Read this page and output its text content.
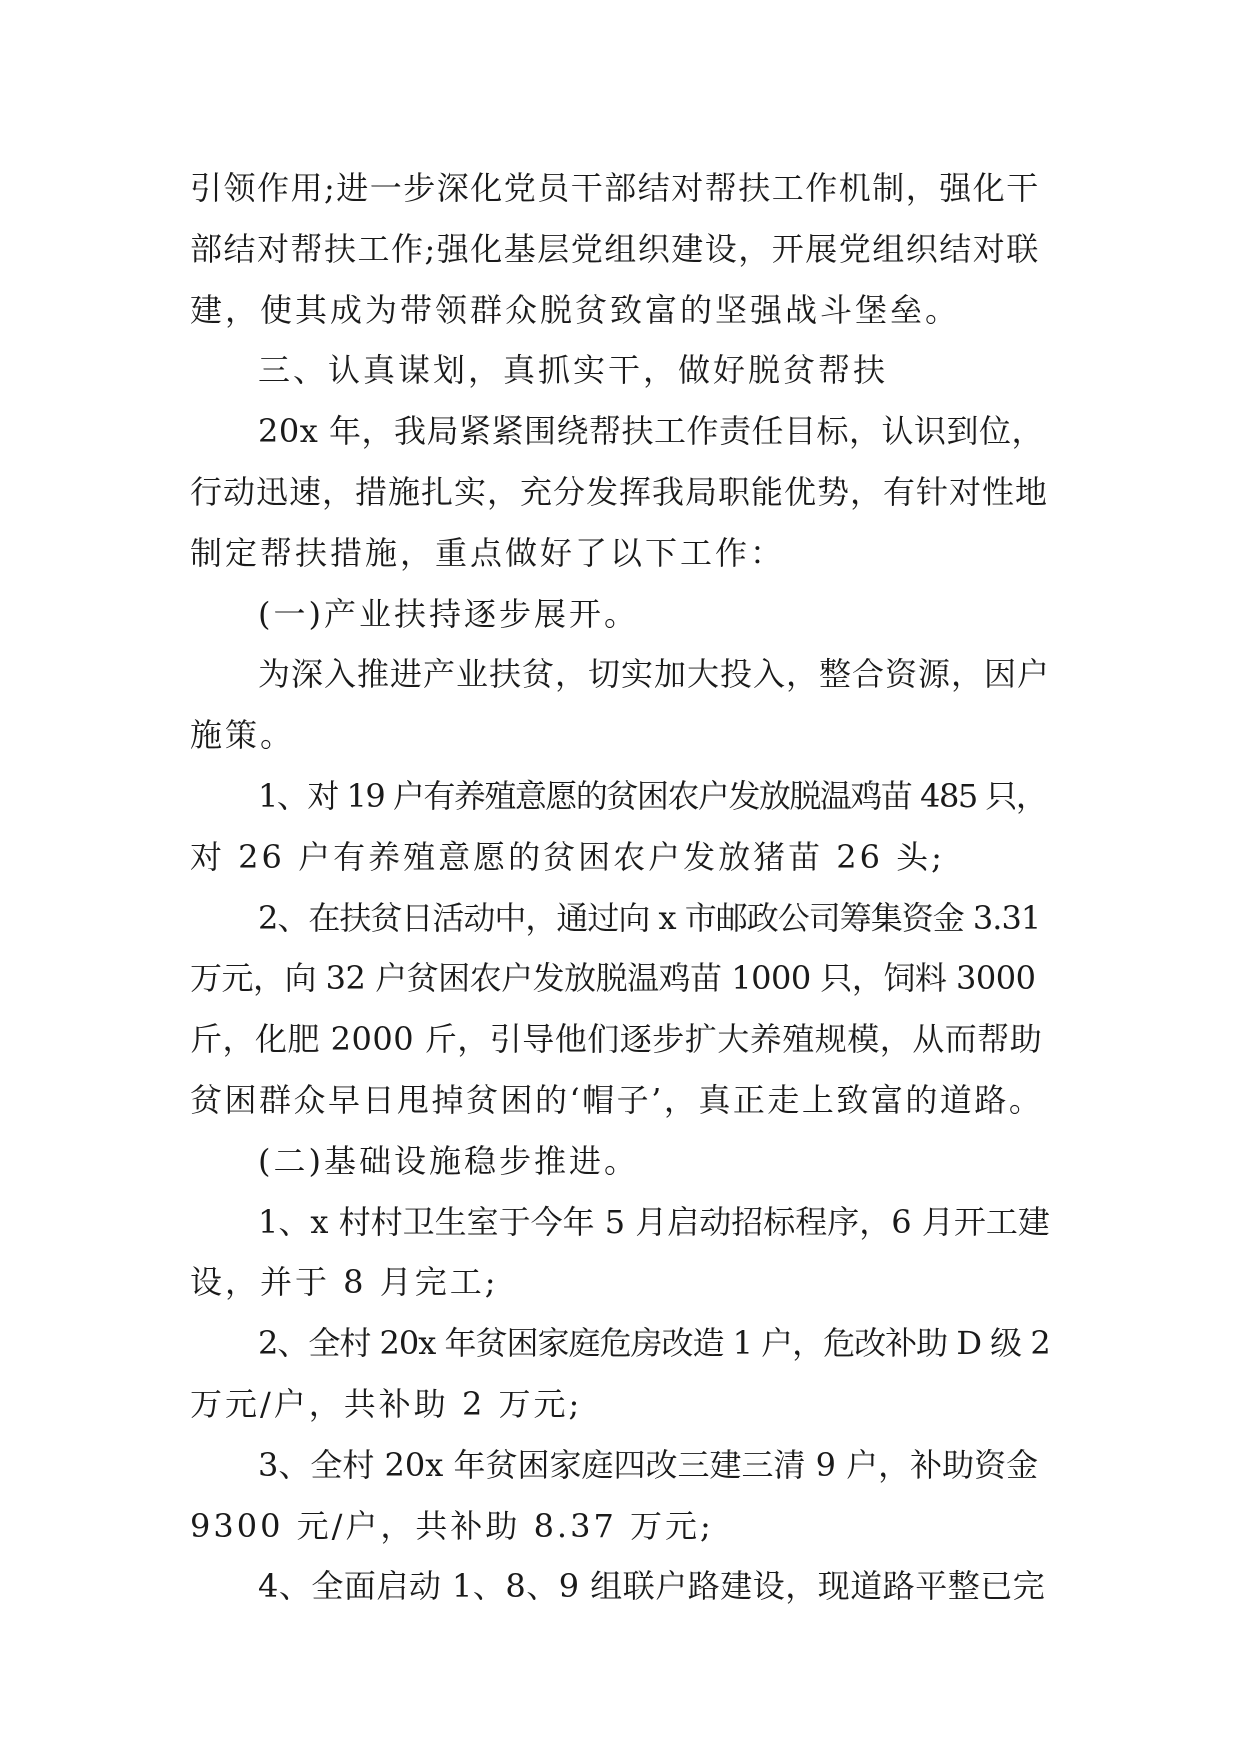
引领作用;进一步深化党员干部结对帮扶工作机制，强化干
部结对帮扶工作;强化基层党组织建设，开展党组织结对联
建，使其成为带领群众脱贫致富的坚强战斗堡垒。
三、认真谋划，真抓实干，做好脱贫帮扶
20x 年，我局紧紧围绕帮扶工作责任目标，认识到位，
行动迅速，措施扎实，充分发挥我局职能优势，有针对性地
制定帮扶措施，重点做好了以下工作：
(一)产业扶持逐步展开。
为深入推进产业扶贫，切实加大投入，整合资源，因户
施策。
1、对 19 户有养殖意愿的贫困农户发放脱温鸡苗 485 只，
对 26 户有养殖意愿的贫困农户发放猪苗 26 头;
2、在扶贫日活动中，通过向 x 市邮政公司筹集资金 3.31
万元，向 32 户贫困农户发放脱温鸡苗 1000 只，饲料 3000
斤，化肥 2000 斤，引导他们逐步扩大养殖规模，从而帮助
贫困群众早日甩掉贫困的‘帽子’，真正走上致富的道路。
(二)基础设施稳步推进。
1、x 村村卫生室于今年 5 月启动招标程序，6 月开工建
设，并于 8 月完工;
2、全村 20x 年贫困家庭危房改造 1 户，危改补助 D 级 2
万元/户，共补助 2 万元;
3、全村 20x 年贫困家庭四改三建三清 9 户，补助资金
9300 元/户，共补助 8.37 万元;
4、全面启动 1、8、9 组联户路建设，现道路平整已完
